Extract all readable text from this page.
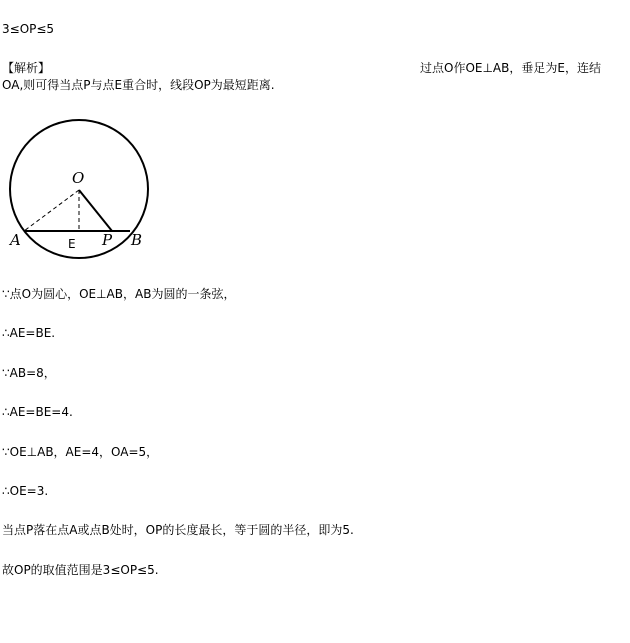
3≤OP≤5
【解析】	过点O作OE⊥AB，垂足为E，连结
OA,则可得当点P与点E重合时，线段OP为最短距离.
O
A	E P B
∵点O为圆心，OE⊥AB，AB为圆的一条弦，
∴AE=BE.
∵AB=8，
∴AE=BE=4.
∵OE⊥AB，AE=4，OA=5，
∴OE=3.
当点P落在点A或点B处时，OP的长度最长，等于圆的半径，即为5.
故OP的取值范围是3≤OP≤5.
